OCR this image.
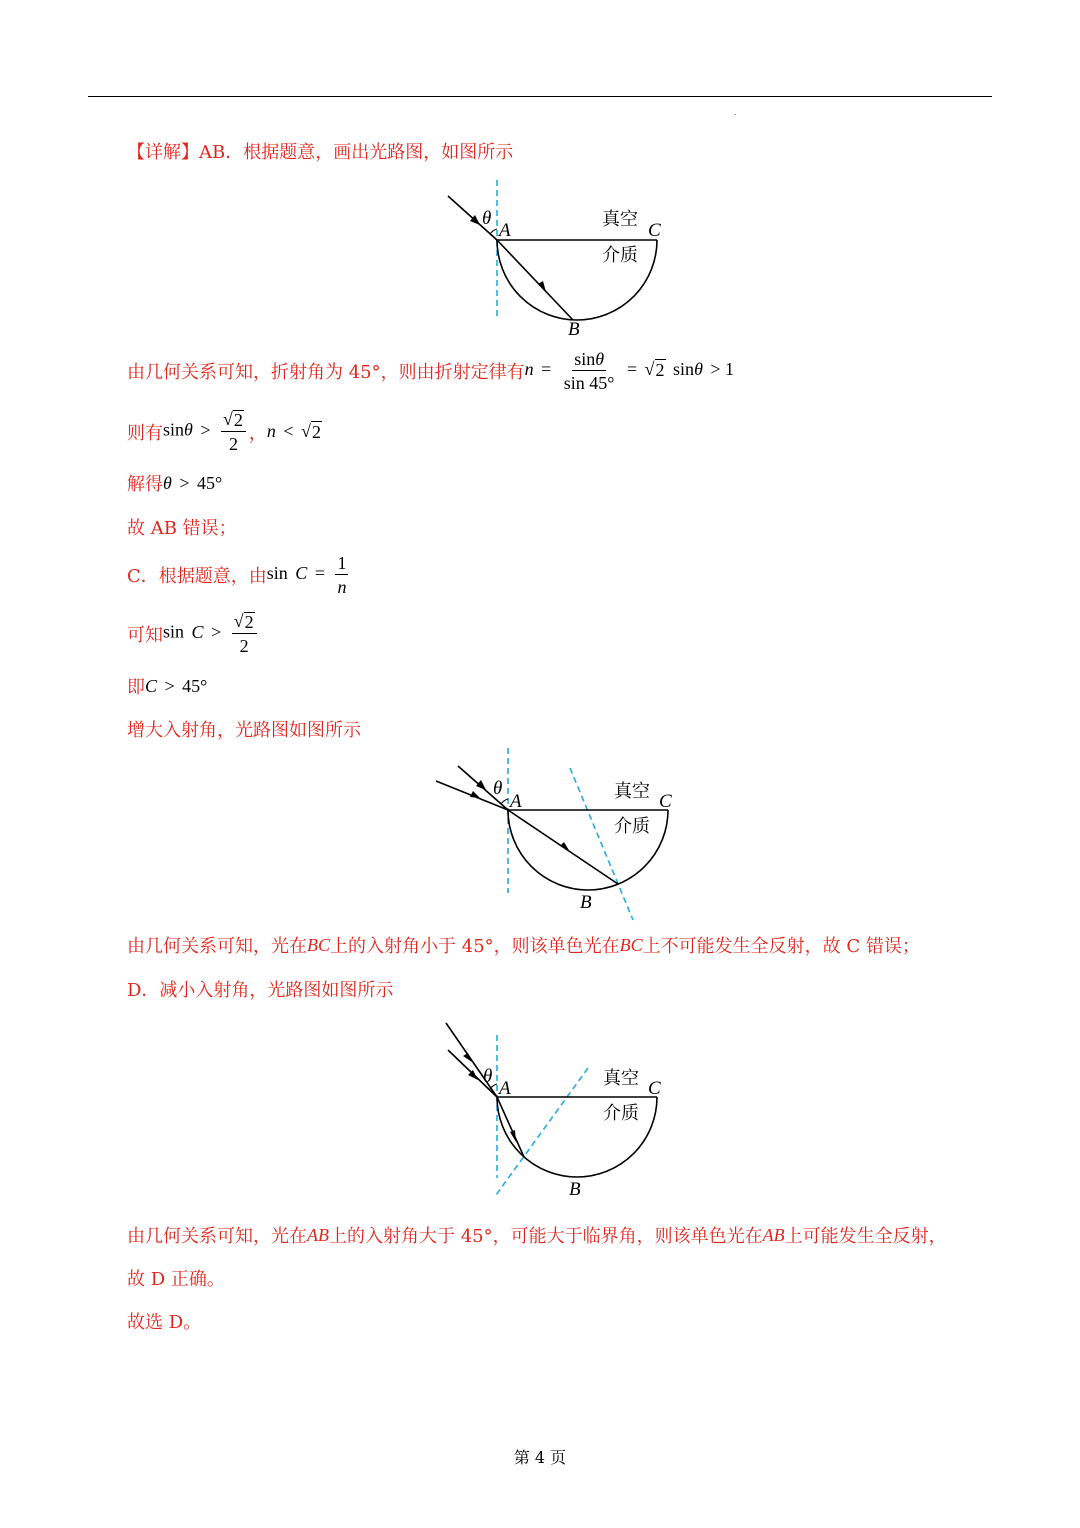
.
【详解】AB．根据题意，画出光路图，如图所示
θ
A	C
B
真空
介质
由几何关系可知，折射角为 45°，则由折射定律有 $n = \frac{\sin\theta}{\sin 45^\circ}$ = √ 2 sinθ > 1
则有 $\sin\theta > \frac{√ 2}{2}$ ， n < √ 2
解得 θ > 45°
故 AB 错误；
C．根据题意，由 $\sin C = \frac{1}{n}$
可知 $\sin C > \frac{√ 2}{2}$
即 C > 45°
增大入射角，光路图如图所示
θ
A	C
B
真空
介质
由几何关系可知，光在 BC 上的入射角小于 45°，则该单色光在 BC 上不可能发生全反射，故 C 错误；
D．减小入射角，光路图如图所示
θ
A	C
B
真空
介质
由几何关系可知，光在 AB 上的入射角大于 45°，可能大于临界角，则该单色光在 AB 上可能发生全反射，
故 D 正确。
故选 D。
第 4 页
